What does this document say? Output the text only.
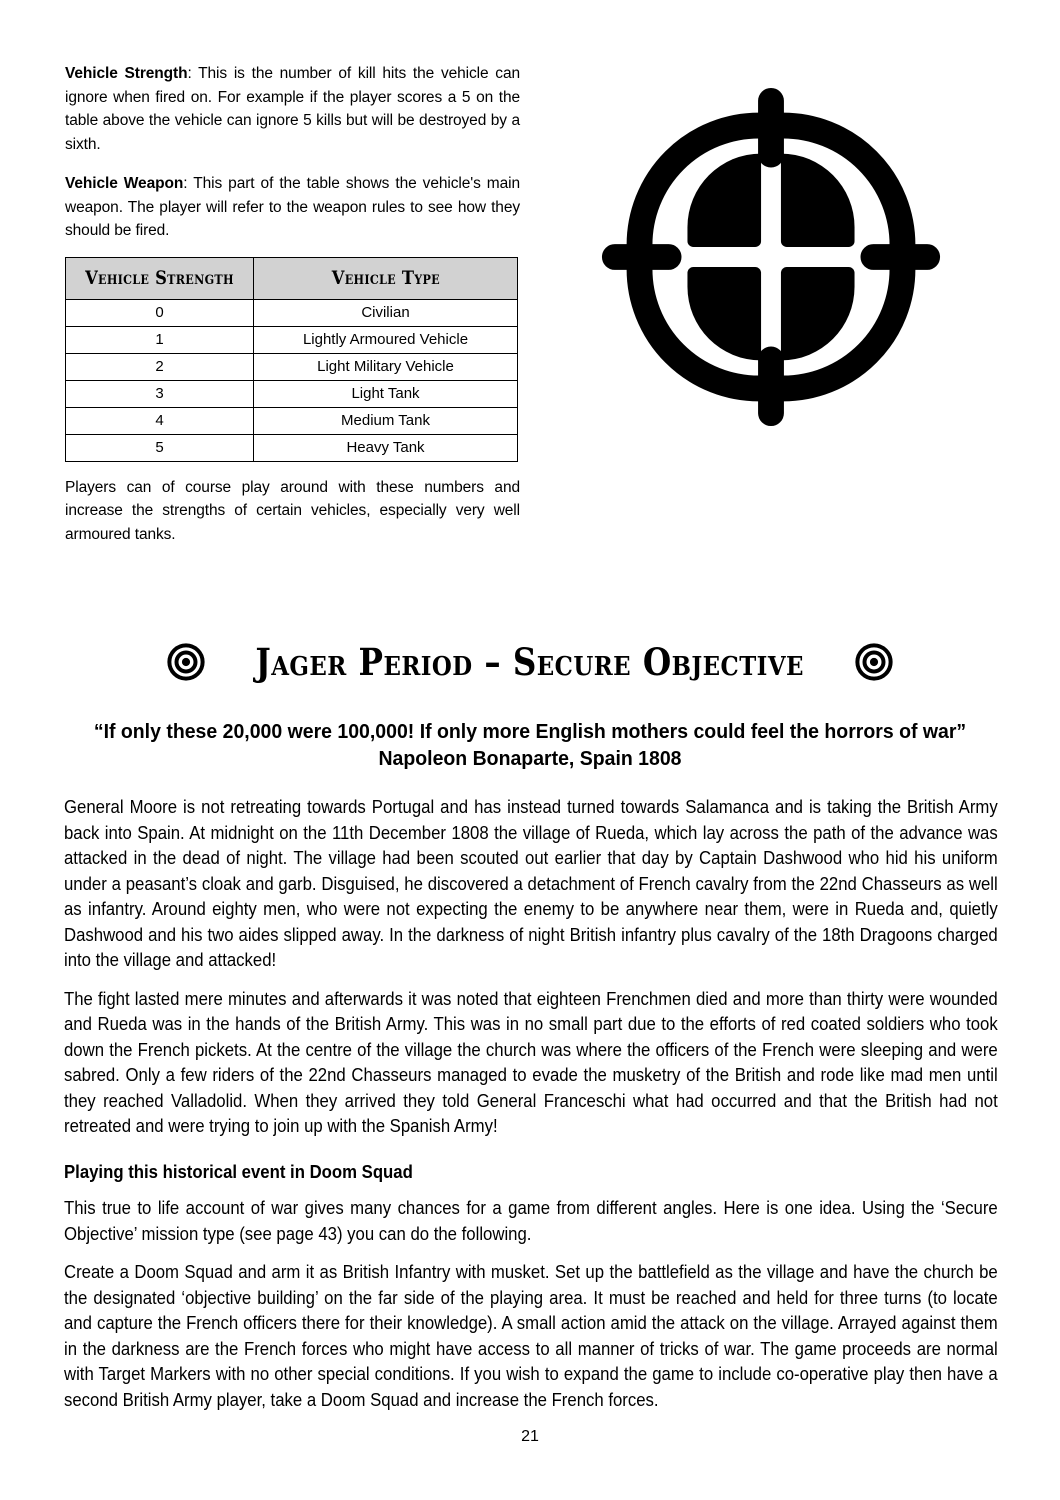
Vehicle Strength: This is the number of kill hits the vehicle can ignore when fired on. For example if the player scores a 5 on the table above the vehicle can ignore 5 kills but will be destroyed by a sixth.

Vehicle Weapon: This part of the table shows the vehicle's main weapon. The player will refer to the weapon rules to see how they should be fired.

Vehicle Strength	Vehicle Type
0	Civilian
1	Lightly Armoured Vehicle
2	Light Military Vehicle
3	Light Tank
4	Medium Tank
5	Heavy Tank

Players can of course play around with these numbers and increase the strengths of certain vehicles, especially very well armoured tanks.

Jager Period – Secure Objective
“If only these 20,000 were 100,000! If only more English mothers could feel the horrors of war”
Napoleon Bonaparte, Spain 1808

General Moore is not retreating towards Portugal and has instead turned towards Salamanca and is taking the British Army back into Spain. At midnight on the 11th December 1808 the village of Rueda, which lay across the path of the advance was attacked in the dead of night. The village had been scouted out earlier that day by Captain Dashwood who hid his uniform under a peasant’s cloak and garb. Disguised, he discovered a detachment of French cavalry from the 22nd Chasseurs as well as infantry. Around eighty men, who were not expecting the enemy to be anywhere near them, were in Rueda and, quietly Dashwood and his two aides slipped away. In the darkness of night British infantry plus cavalry of the 18th Dragoons charged into the village and attacked!

The fight lasted mere minutes and afterwards it was noted that eighteen Frenchmen died and more than thirty were wounded and Rueda was in the hands of the British Army. This was in no small part due to the efforts of red coated soldiers who took down the French pickets. At the centre of the village the church was where the officers of the French were sleeping and were sabred. Only a few riders of the 22nd Chasseurs managed to evade the musketry of the British and rode like mad men until they reached Valladolid. When they arrived they told General Franceschi what had occurred and that the British had not retreated and were trying to join up with the Spanish Army!

Playing this historical event in Doom Squad

This true to life account of war gives many chances for a game from different angles. Here is one idea. Using the ‘Secure Objective’ mission type (see page 43) you can do the following.

Create a Doom Squad and arm it as British Infantry with musket. Set up the battlefield as the village and have the church be the designated ‘objective building’ on the far side of the playing area. It must be reached and held for three turns (to locate and capture the French officers there for their knowledge). A small action amid the attack on the village. Arrayed against them in the darkness are the French forces who might have access to all manner of tricks of war. The game proceeds are normal with Target Markers with no other special conditions. If you wish to expand the game to include co-operative play then have a second British Army player, take a Doom Squad and increase the French forces.

21
